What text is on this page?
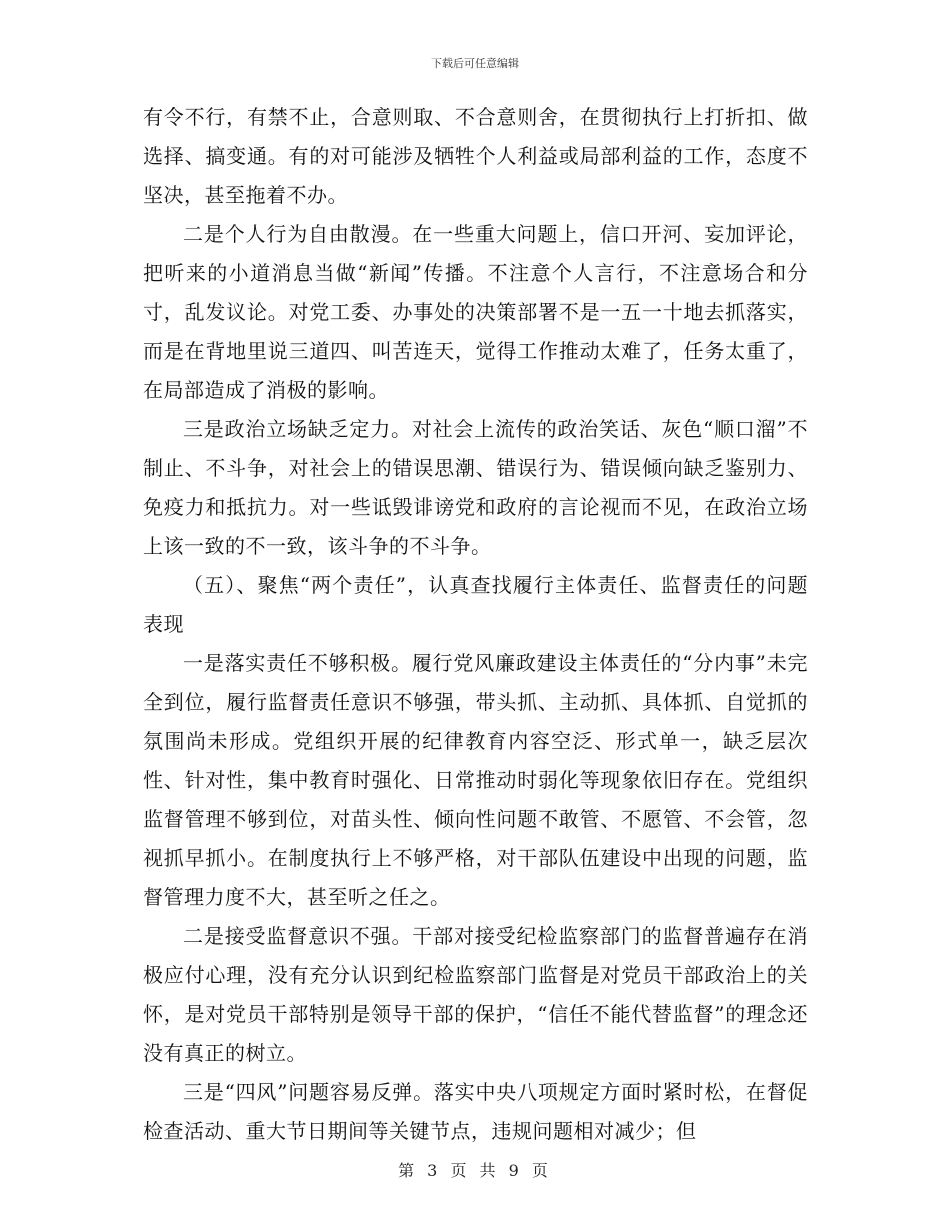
下载后可任意编辑

有令不行，有禁不止，合意则取、不合意则舍，在贯彻执行上打折扣、做选择、搞变通。有的对可能涉及牺牲个人利益或局部利益的工作，态度不坚决，甚至拖着不办。

二是个人行为自由散漫。在一些重大问题上，信口开河、妄加评论，把听来的小道消息当做“新闻”传播。不注意个人言行，不注意场合和分寸，乱发议论。对党工委、办事处的决策部署不是一五一十地去抓落实，而是在背地里说三道四、叫苦连天，觉得工作推动太难了，任务太重了，在局部造成了消极的影响。

三是政治立场缺乏定力。对社会上流传的政治笑话、灰色“顺口溜”不制止、不斗争，对社会上的错误思潮、错误行为、错误倾向缺乏鉴别力、免疫力和抵抗力。对一些诋毁诽谤党和政府的言论视而不见，在政治立场上该一致的不一致，该斗争的不斗争。

（五）、聚焦“两个责任”，认真查找履行主体责任、监督责任的问题表现

一是落实责任不够积极。履行党风廉政建设主体责任的“分内事”未完全到位，履行监督责任意识不够强，带头抓、主动抓、具体抓、自觉抓的氛围尚未形成。党组织开展的纪律教育内容空泛、形式单一，缺乏层次性、针对性，集中教育时强化、日常推动时弱化等现象依旧存在。党组织监督管理不够到位，对苗头性、倾向性问题不敢管、不愿管、不会管，忽视抓早抓小。在制度执行上不够严格，对干部队伍建设中出现的问题，监督管理力度不大，甚至听之任之。

二是接受监督意识不强。干部对接受纪检监察部门的监督普遍存在消极应付心理，没有充分认识到纪检监察部门监督是对党员干部政治上的关怀，是对党员干部特别是领导干部的保护，“信任不能代替监督”的理念还没有真正的树立。

三是“四风”问题容易反弹。落实中央八项规定方面时紧时松，在督促检查活动、重大节日期间等关键节点，违规问题相对减少；但

第 3 页 共 9 页
